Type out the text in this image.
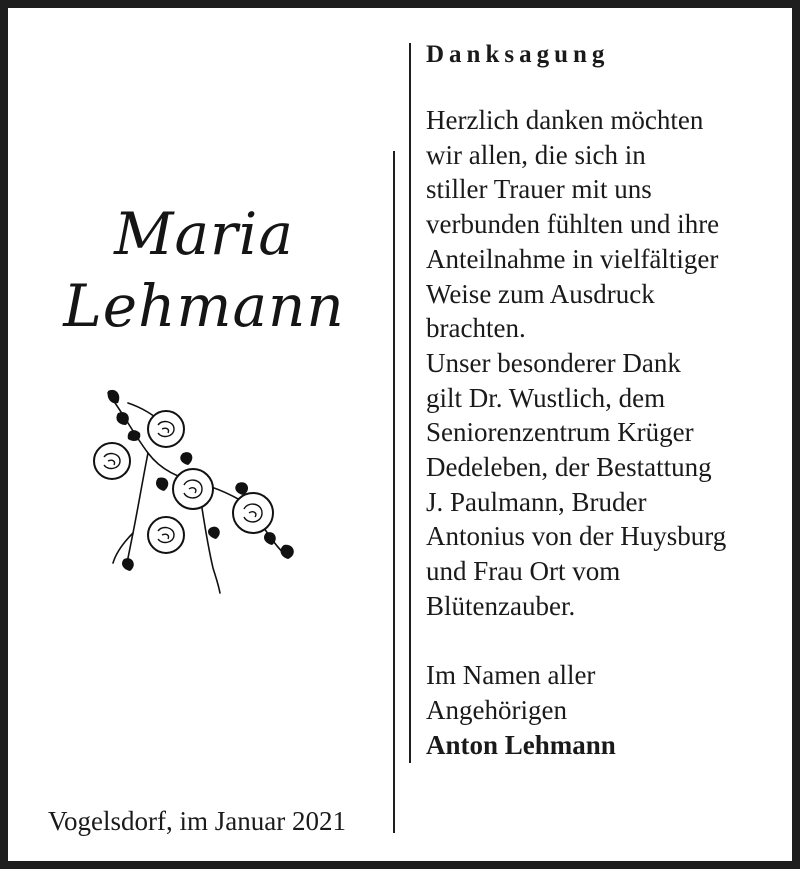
Maria
Lehmann
Vogelsdorf, im Januar 2021
Danksagung
Herzlich danken möchten
wir allen, die sich in
stiller Trauer mit uns
verbunden fühlten und ihre
Anteilnahme in vielfältiger
Weise zum Ausdruck
brachten.
Unser besonderer Dank
gilt Dr. Wustlich, dem
Seniorenzentrum Krüger
Dedeleben, der Bestattung
J. Paulmann, Bruder
Antonius von der Huysburg
und Frau Ort vom
Blütenzauber.
Im Namen aller
Angehörigen
Anton Lehmann
